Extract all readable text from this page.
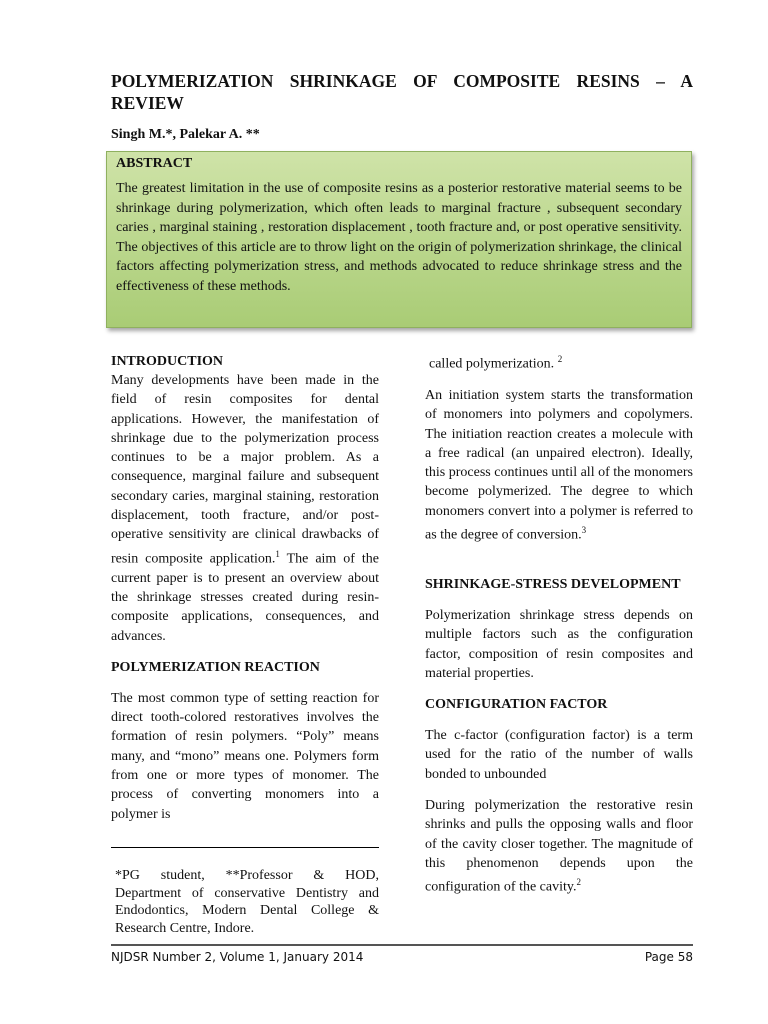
POLYMERIZATION SHRINKAGE OF COMPOSITE RESINS – A REVIEW
Singh M.*, Palekar A. **
ABSTRACT
The greatest limitation in the use of composite resins as a posterior restorative material seems to be shrinkage during polymerization, which often leads to marginal fracture , subsequent secondary caries , marginal staining , restoration displacement , tooth fracture and, or post operative sensitivity. The objectives of this article are to throw light on the origin of polymerization shrinkage, the clinical factors affecting polymerization stress, and methods advocated to reduce shrinkage stress and the effectiveness of these methods.
INTRODUCTION

Many developments have been made in the field of resin composites for dental applications. However, the manifestation of shrinkage due to the polymerization process continues to be a major problem. As a consequence, marginal failure and subsequent secondary caries, marginal staining, restoration displacement, tooth fracture, and/or post-operative sensitivity are clinical drawbacks of resin composite application.$^1$ The aim of the current paper is to present an overview about the shrinkage stresses created during resin-composite applications, consequences, and advances.

POLYMERIZATION REACTION

The most common type of setting reaction for direct tooth-colored restoratives involves the formation of resin polymers. “Poly” means many, and “mono” means one. Polymers form from one or more types of monomer. The process of converting monomers into a polymer is

*PG student, **Professor & HOD, Department of conservative Dentistry and Endodontics, Modern Dental College & Research Centre, Indore.

called polymerization. $^2$

An initiation system starts the transformation of monomers into polymers and copolymers. The initiation reaction creates a molecule with a free radical (an unpaired electron). Ideally, this process continues until all of the monomers become polymerized. The degree to which monomers convert into a polymer is referred to as the degree of conversion.$^3$

SHRINKAGE-STRESS DEVELOPMENT

Polymerization shrinkage stress depends on multiple factors such as the configuration factor, composition of resin composites and material properties.

CONFIGURATION FACTOR

The c-factor (configuration factor) is a term used for the ratio of the number of walls bonded to unbounded

During polymerization the restorative resin shrinks and pulls the opposing walls and floor of the cavity closer together. The magnitude of this phenomenon depends upon the configuration of the cavity.$^2$

NJDSR Number 2, Volume 1, January 2014	Page 58
